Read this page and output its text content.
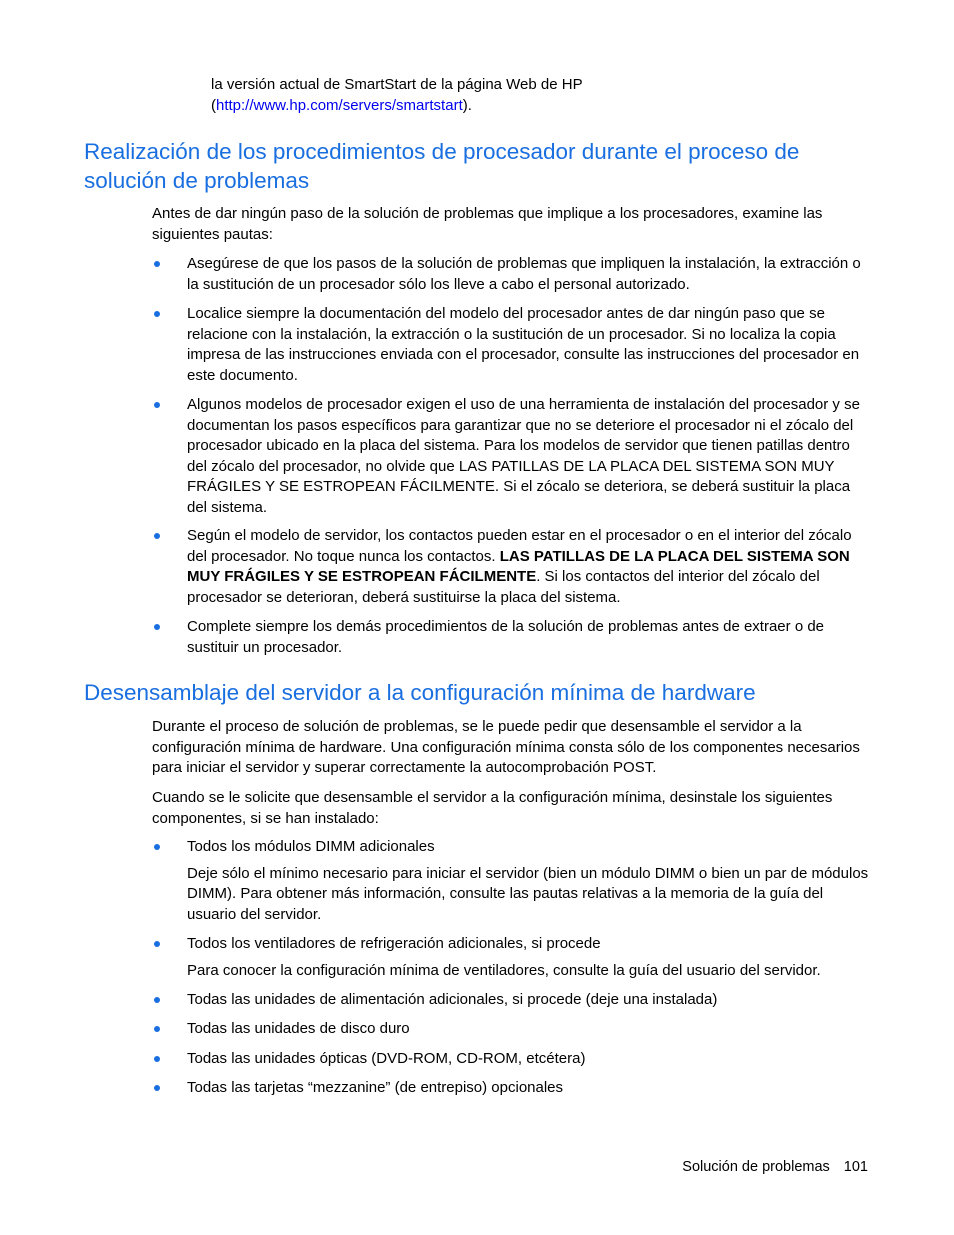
la versión actual de SmartStart de la página Web de HP
(http://www.hp.com/servers/smartstart).
Realización de los procedimientos de procesador durante el proceso de solución de problemas

Antes de dar ningún paso de la solución de problemas que implique a los procesadores, examine las siguientes pautas:

Asegúrese de que los pasos de la solución de problemas que impliquen la instalación, la extracción o la sustitución de un procesador sólo los lleve a cabo el personal autorizado.
Localice siempre la documentación del modelo del procesador antes de dar ningún paso que se relacione con la instalación, la extracción o la sustitución de un procesador. Si no localiza la copia impresa de las instrucciones enviada con el procesador, consulte las instrucciones del procesador en este documento.
Algunos modelos de procesador exigen el uso de una herramienta de instalación del procesador y se documentan los pasos específicos para garantizar que no se deteriore el procesador ni el zócalo del procesador ubicado en la placa del sistema. Para los modelos de servidor que tienen patillas dentro del zócalo del procesador, no olvide que LAS PATILLAS DE LA PLACA DEL SISTEMA SON MUY FRÁGILES Y SE ESTROPEAN FÁCILMENTE. Si el zócalo se deteriora, se deberá sustituir la placa del sistema.
Según el modelo de servidor, los contactos pueden estar en el procesador o en el interior del zócalo del procesador. No toque nunca los contactos. LAS PATILLAS DE LA PLACA DEL SISTEMA SON MUY FRÁGILES Y SE ESTROPEAN FÁCILMENTE. Si los contactos del interior del zócalo del procesador se deterioran, deberá sustituirse la placa del sistema.
Complete siempre los demás procedimientos de la solución de problemas antes de extraer o de sustituir un procesador.
Desensamblaje del servidor a la configuración mínima de hardware

Durante el proceso de solución de problemas, se le puede pedir que desensamble el servidor a la configuración mínima de hardware. Una configuración mínima consta sólo de los componentes necesarios para iniciar el servidor y superar correctamente la autocomprobación POST.

Cuando se le solicite que desensamble el servidor a la configuración mínima, desinstale los siguientes componentes, si se han instalado:

Todos los módulos DIMM adicionales
Deje sólo el mínimo necesario para iniciar el servidor (bien un módulo DIMM o bien un par de módulos DIMM). Para obtener más información, consulte las pautas relativas a la memoria de la guía del usuario del servidor.
Todos los ventiladores de refrigeración adicionales, si procede
Para conocer la configuración mínima de ventiladores, consulte la guía del usuario del servidor.
Todas las unidades de alimentación adicionales, si procede (deje una instalada)
Todas las unidades de disco duro
Todas las unidades ópticas (DVD-ROM, CD-ROM, etcétera)
Todas las tarjetas “mezzanine” (de entrepiso) opcionales
Solución de problemas 101
